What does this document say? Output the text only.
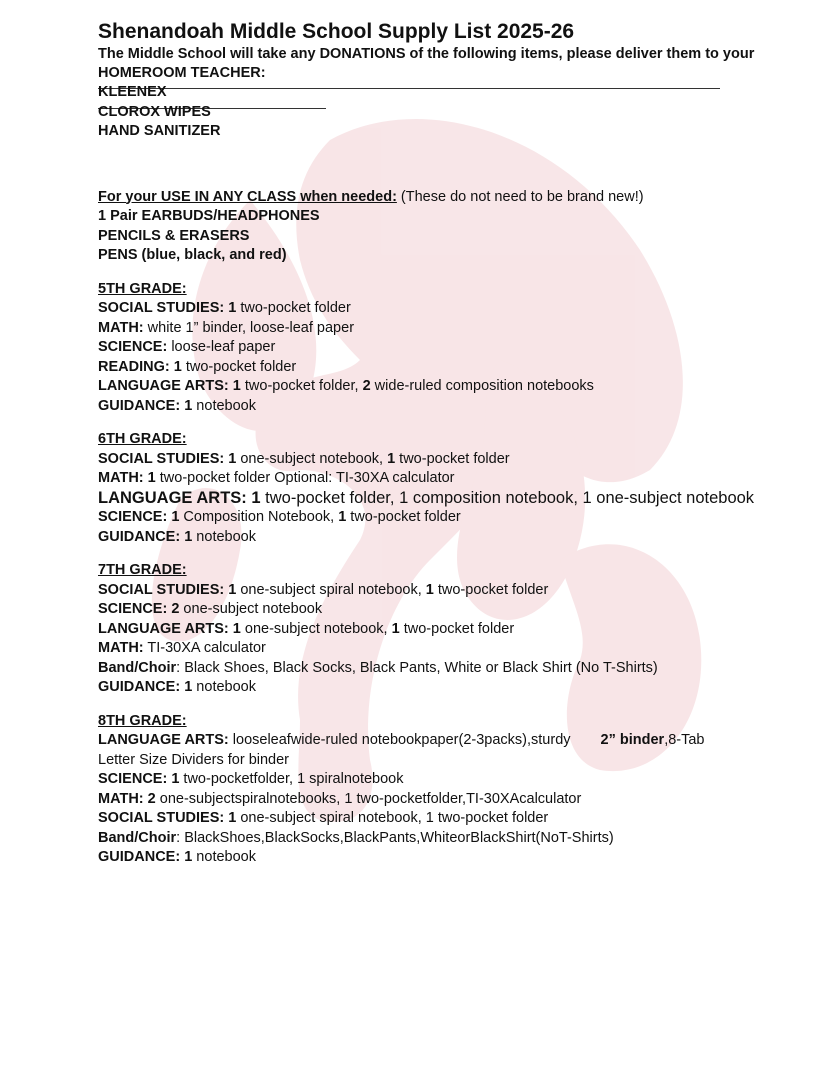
Shenandoah Middle School Supply List 2025-26
The Middle School will take any DONATIONS of the following items, please deliver them to your HOMEROOM TEACHER:
KLEENEX
CLOROX WIPES
HAND SANITIZER
For your USE IN ANY CLASS when needed: (These do not need to be brand new!)
1 Pair EARBUDS/HEADPHONES
PENCILS & ERASERS
PENS (blue, black, and red)
5TH GRADE:
SOCIAL STUDIES: 1 two-pocket folder
MATH: white 1” binder, loose-leaf paper
SCIENCE: loose-leaf paper
READING: 1 two-pocket folder
LANGUAGE ARTS: 1 two-pocket folder, 2 wide-ruled composition notebooks
GUIDANCE: 1 notebook
6TH GRADE:
SOCIAL STUDIES: 1 one-subject notebook, 1 two-pocket folder
MATH: 1 two-pocket folder Optional: TI-30XA calculator
LANGUAGE ARTS: 1 two-pocket folder, 1 composition notebook, 1 one-subject notebook
SCIENCE: 1 Composition Notebook, 1 two-pocket folder
GUIDANCE: 1 notebook
7TH GRADE:
SOCIAL STUDIES: 1 one-subject spiral notebook, 1 two-pocket folder
SCIENCE: 2 one-subject notebook
LANGUAGE ARTS: 1 one-subject notebook, 1 two-pocket folder
MATH: TI-30XA calculator
Band/Choir: Black Shoes, Black Socks, Black Pants, White or Black Shirt (No T-Shirts)
GUIDANCE: 1 notebook
8TH GRADE:
LANGUAGE ARTS: looseleafwide-ruled notebookpaper(2-3packs),sturdy 2” binder,8-Tab
Letter Size Dividers for binder
SCIENCE: 1 two-pocketfolder, 1 spiralnotebook
MATH: 2 one-subjectspiralnotebooks, 1 two-pocketfolder,TI-30XAcalculator
SOCIAL STUDIES: 1 one-subject spiral notebook, 1 two-pocket folder
Band/Choir: BlackShoes,BlackSocks,BlackPants,WhiteorBlackShirt(NoT-Shirts)
GUIDANCE: 1 notebook
